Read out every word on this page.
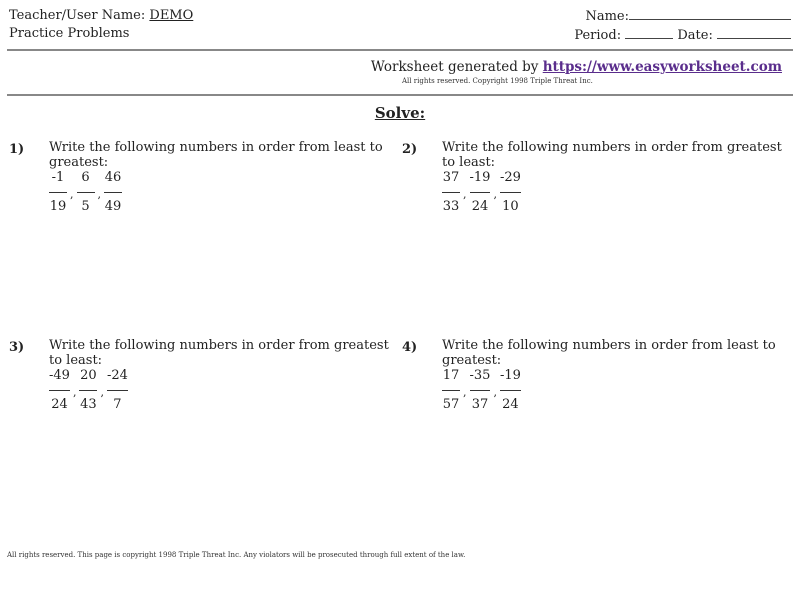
Teacher/User Name: DEMO
Practice Problems
Name:
Period:	Date:
Worksheet generated by https://www.easyworksheet.com
All rights reserved. Copyright 1998 Triple Threat Inc.
Solve:
1) Write the following numbers in order from least to greatest:
$\frac{-1}{19}$ , $\frac{6}{5}$ , $\frac{46}{49}$
2) Write the following numbers in order from greatest to least:
$\frac{37}{33}$ , $\frac{-19}{24}$ , $\frac{-29}{10}$
3) Write the following numbers in order from greatest to least:
$\frac{-49}{24}$ , $\frac{20}{43}$ , $\frac{-24}{7}$
4) Write the following numbers in order from least to greatest:
$\frac{17}{57}$ , $\frac{-35}{37}$ , $\frac{-19}{24}$
All rights reserved. This page is copyright 1998 Triple Threat Inc. Any violators will be prosecuted through full extent of the law.
